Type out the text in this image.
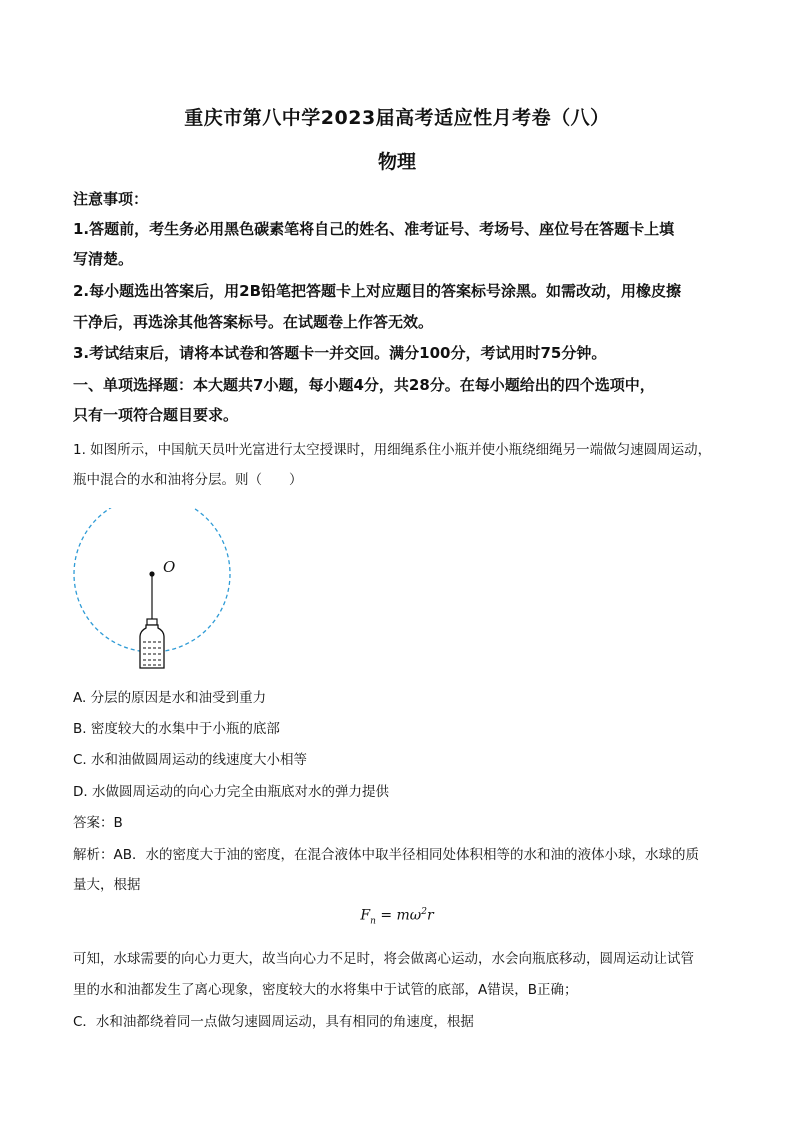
重庆市第八中学2023届高考适应性月考卷（八）
物理
注意事项：
1.答题前，考生务必用黑色碳素笔将自己的姓名、准考证号、考场号、座位号在答题卡上填
写清楚。
2.每小题选出答案后，用2B铅笔把答题卡上对应题目的答案标号涂黑。如需改动，用橡皮擦
干净后，再选涂其他答案标号。在试题卷上作答无效。
3.考试结束后，请将本试卷和答题卡一并交回。满分100分，考试用时75分钟。
一、单项选择题：本大题共7小题，每小题4分，共28分。在每小题给出的四个选项中，
只有一项符合题目要求。
1. 如图所示，中国航天员叶光富进行太空授课时，用细绳系住小瓶并使小瓶绕细绳另一端做匀速圆周运动，
瓶中混合的水和油将分层。则（　　）
O
A. 分层的原因是水和油受到重力
B. 密度较大的水集中于小瓶的底部
C. 水和油做圆周运动的线速度大小相等
D. 水做圆周运动的向心力完全由瓶底对水的弹力提供
答案：B
解析：AB．水的密度大于油的密度，在混合液体中取半径相同处体积相等的水和油的液体小球，水球的质
量大，根据
$F_n = m\omega^2r$
可知，水球需要的向心力更大，故当向心力不足时，将会做离心运动，水会向瓶底移动，圆周运动让试管
里的水和油都发生了离心现象，密度较大的水将集中于试管的底部，A错误，B正确；
C．水和油都绕着同一点做匀速圆周运动，具有相同的角速度，根据
